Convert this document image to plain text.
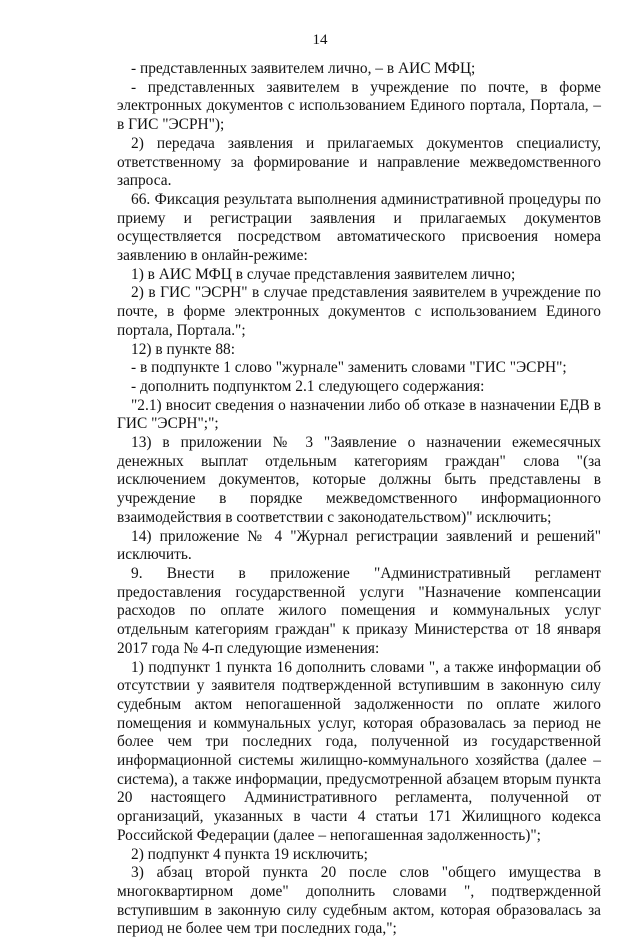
14

- представленных заявителем лично, – в АИС МФЦ;

- представленных заявителем в учреждение по почте, в форме электронных документов с использованием Единого портала, Портала, – в ГИС "ЭСРН");

2) передача заявления и прилагаемых документов специалисту, ответственному за формирование и направление межведомственного запроса.

66. Фиксация результата выполнения административной процедуры по приему и регистрации заявления и прилагаемых документов осуществляется посредством автоматического присвоения номера заявлению в онлайн-режиме:

1) в АИС МФЦ в случае представления заявителем лично;

2) в ГИС "ЭСРН" в случае представления заявителем в учреждение по почте, в форме электронных документов с использованием Единого портала, Портала.";

12) в пункте 88:

- в подпункте 1 слово "журнале" заменить словами "ГИС "ЭСРН";

- дополнить подпунктом 2.1 следующего содержания:

"2.1) вносит сведения о назначении либо об отказе в назначении ЕДВ в ГИС "ЭСРН";";

13) в приложении № 3 "Заявление о назначении ежемесячных денежных выплат отдельным категориям граждан" слова "(за исключением документов, которые должны быть представлены в учреждение в порядке межведомственного информационного взаимодействия в соответствии с законодательством)" исключить;

14) приложение № 4 "Журнал регистрации заявлений и решений" исключить.

9. Внести в приложение "Административный регламент предоставления государственной услуги "Назначение компенсации расходов по оплате жилого помещения и коммунальных услуг отдельным категориям граждан" к приказу Министерства от 18 января 2017 года № 4-п следующие изменения:

1) подпункт 1 пункта 16 дополнить словами ", а также информации об отсутствии у заявителя подтвержденной вступившим в законную силу судебным актом непогашенной задолженности по оплате жилого помещения и коммунальных услуг, которая образовалась за период не более чем три последних года, полученной из государственной информационной системы жилищно-коммунального хозяйства (далее – система), а также информации, предусмотренной абзацем вторым пункта 20 настоящего Административного регламента, полученной от организаций, указанных в части 4 статьи 171 Жилищного кодекса Российской Федерации (далее – непогашенная задолженность)";

2) подпункт 4 пункта 19 исключить;

3) абзац второй пункта 20 после слов "общего имущества в многоквартирном доме" дополнить словами ", подтвержденной вступившим в законную силу судебным актом, которая образовалась за период не более чем три последних года,";
